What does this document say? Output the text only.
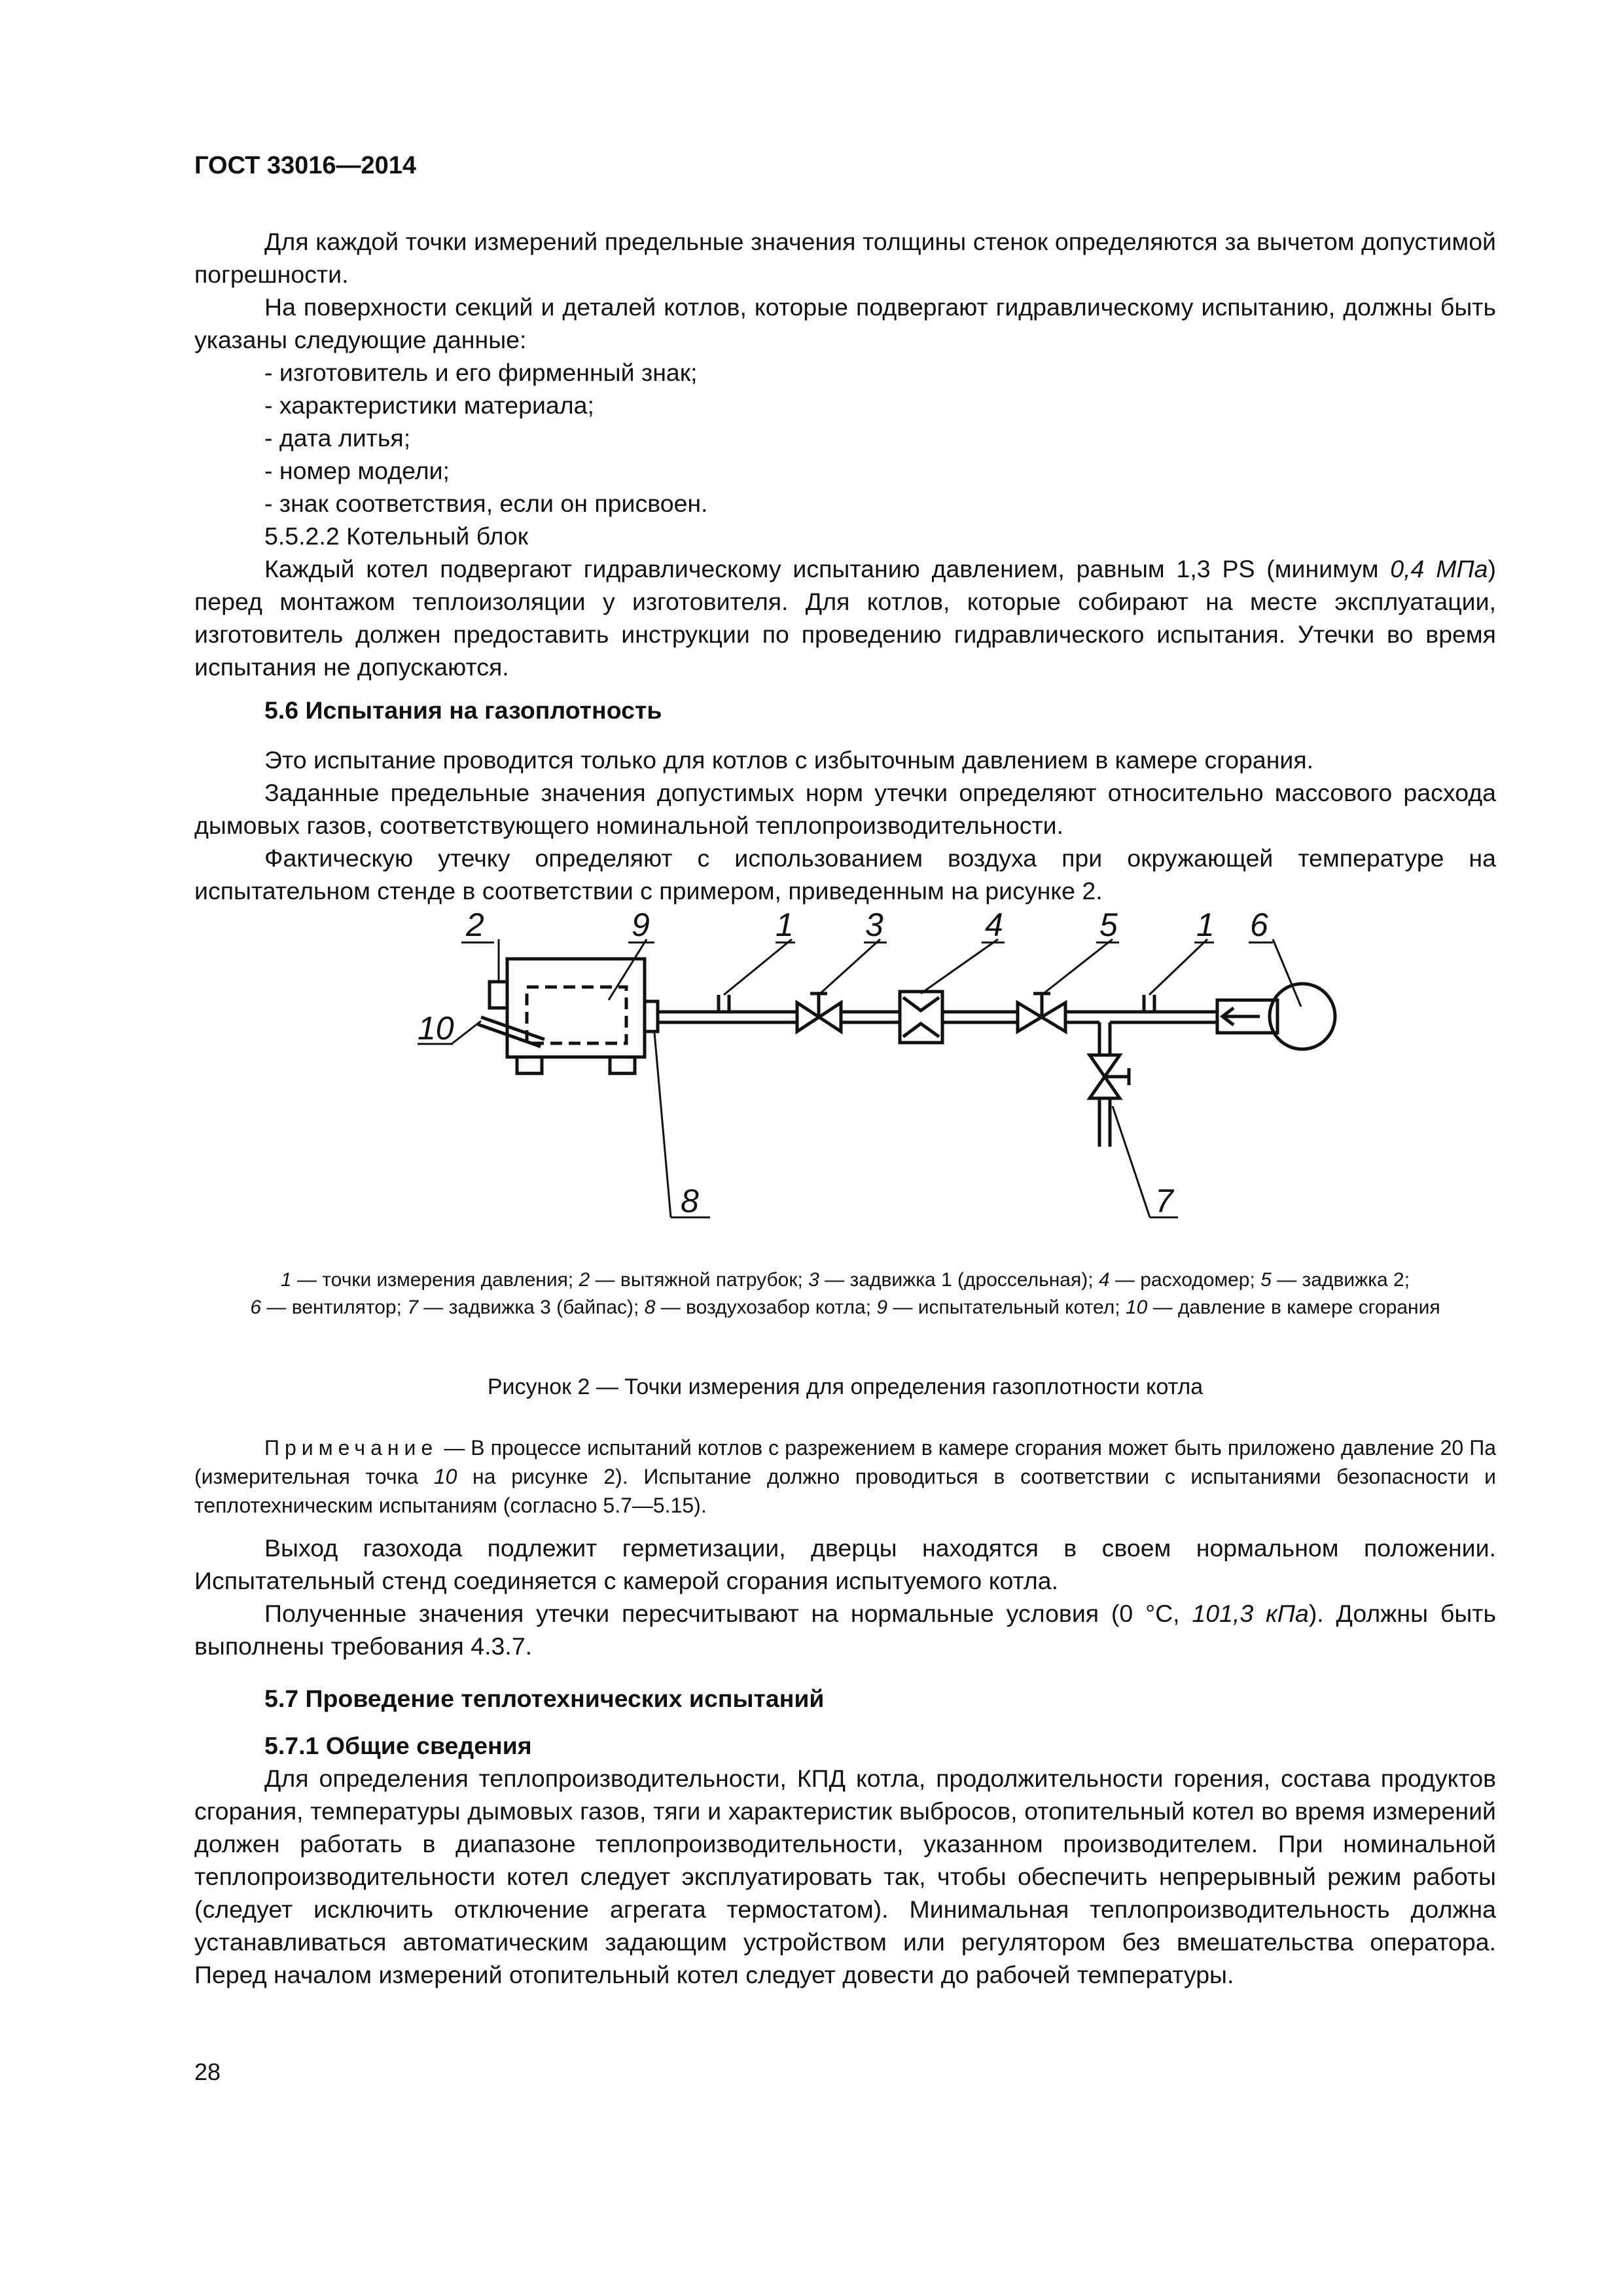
ГОСТ 33016—2014

Для каждой точки измерений предельные значения толщины стенок определяются за вычетом допустимой погрешности.

На поверхности секций и деталей котлов, которые подвергают гидравлическому испытанию, должны быть указаны следующие данные:

- изготовитель и его фирменный знак;

- характеристики материала;

- дата литья;

- номер модели;

- знак соответствия, если он присвоен.

5.5.2.2 Котельный блок

Каждый котел подвергают гидравлическому испытанию давлением, равным 1,3 PS (минимум 0,4 МПа) перед монтажом теплоизоляции у изготовителя. Для котлов, которые собирают на месте эксплуатации, изготовитель должен предоставить инструкции по проведению гидравлического испытания. Утечки во время испытания не допускаются.

5.6 Испытания на газоплотность

Это испытание проводится только для котлов с избыточным давлением в камере сгорания.

Заданные предельные значения допустимых норм утечки определяют относительно массового расхода дымовых газов, соответствующего номинальной теплопроизводительности.

Фактическую утечку определяют с использованием воздуха при окружающей температуре на испытательном стенде в соответствии с примером, приведенным на рисунке 2.

2	9	1 3	4	5 1 6
10
8	7
1 — точки измерения давления; 2 — вытяжной патрубок; 3 — задвижка 1 (дроссельная); 4 — расходомер; 5 — задвижка 2;
6 — вентилятор; 7 — задвижка 3 (байпас); 8 — воздухозабор котла; 9 — испытательный котел; 10 — давление в камере сгорания
Рисунок 2 — Точки измерения для определения газоплотности котла
Примечание — В процессе испытаний котлов с разрежением в камере сгорания может быть приложено давление 20 Па (измерительная точка 10 на рисунке 2). Испытание должно проводиться в соответствии с испытаниями безопасности и теплотехническим испытаниям (согласно 5.7—5.15).

Выход газохода подлежит герметизации, дверцы находятся в своем нормальном положении. Испытательный стенд соединяется с камерой сгорания испытуемого котла.

Полученные значения утечки пересчитывают на нормальные условия (0 °С, 101,3 кПа). Должны быть выполнены требования 4.3.7.

5.7 Проведение теплотехнических испытаний

5.7.1 Общие сведения

Для определения теплопроизводительности, КПД котла, продолжительности горения, состава продуктов сгорания, температуры дымовых газов, тяги и характеристик выбросов, отопительный котел во время измерений должен работать в диапазоне теплопроизводительности, указанном производителем. При номинальной теплопроизводительности котел следует эксплуатировать так, чтобы обеспечить непрерывный режим работы (следует исключить отключение агрегата термостатом). Минимальная теплопроизводительность должна устанавливаться автоматическим задающим устройством или регулятором без вмешательства оператора. Перед началом измерений отопительный котел следует довести до рабочей температуры.

28
